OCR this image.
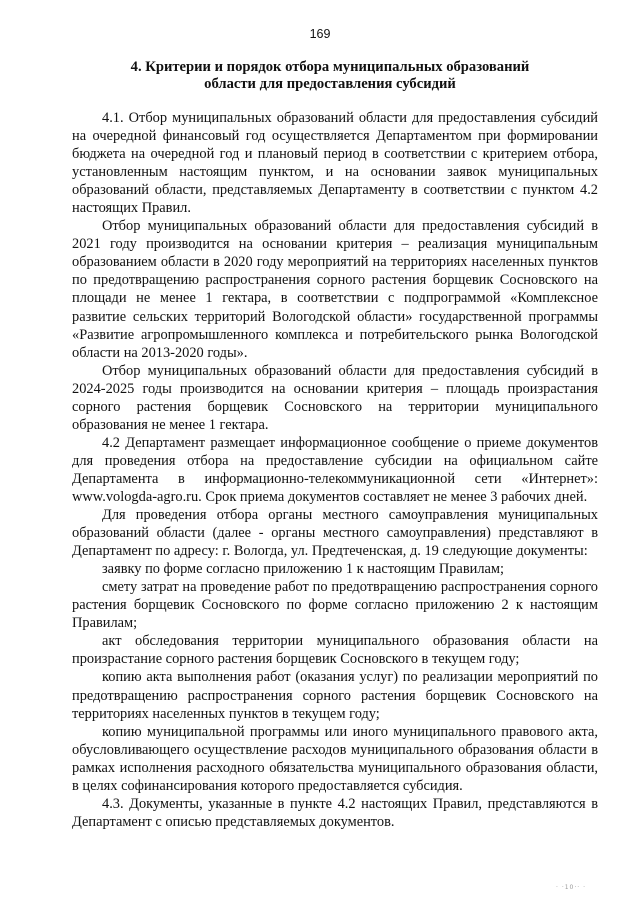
169
4. Критерии и порядок отбора муниципальных образований
области для предоставления субсидий

4.1. Отбор муниципальных образований области для предоставления субсидий на очередной финансовый год осуществляется Департаментом при формировании бюджета на очередной год и плановый период в соответствии с критерием отбора, установленным настоящим пунктом, и на основании заявок муниципальных образований области, представляемых Департаменту в соответствии с пунктом 4.2 настоящих Правил.

Отбор муниципальных образований области для предоставления субсидий в 2021 году производится на основании критерия – реализация муниципальным образованием области в 2020 году мероприятий на территориях населенных пунктов по предотвращению распространения сорного растения борщевик Сосновского на площади не менее 1 гектара, в соответствии с подпрограммой «Комплексное развитие сельских территорий Вологодской области» государственной программы «Развитие агропромышленного комплекса и потребительского рынка Вологодской области на 2013-2020 годы».

Отбор муниципальных образований области для предоставления субсидий в 2024-2025 годы производится на основании критерия – площадь произрастания сорного растения борщевик Сосновского на территории муниципального образования не менее 1 гектара.

4.2 Департамент размещает информационное сообщение о приеме документов для проведения отбора на предоставление субсидии на официальном сайте Департамента в информационно-телекоммуникационной сети «Интернет»: www.vologda-agro.ru. Срок приема документов составляет не менее 3 рабочих дней.

Для проведения отбора органы местного самоуправления муниципальных образований области (далее - органы местного самоуправления) представляют в Департамент по адресу: г. Вологда, ул. Предтеченская, д. 19 следующие документы:

заявку по форме согласно приложению 1 к настоящим Правилам;

смету затрат на проведение работ по предотвращению распространения сорного растения борщевик Сосновского по форме согласно приложению 2 к настоящим Правилам;

акт обследования территории муниципального образования области на произрастание сорного растения борщевик Сосновского в текущем году;

копию акта выполнения работ (оказания услуг) по реализации мероприятий по предотвращению распространения сорного растения борщевик Сосновского на территориях населенных пунктов в текущем году;

копию муниципальной программы или иного муниципального правового акта, обусловливающего осуществление расходов муниципального образования области в рамках исполнения расходного обязательства муниципального образования области, в целях софинансирования которого предоставляется субсидия.

4.3. Документы, указанные в пункте 4.2 настоящих Правил, представляются в Департамент с описью представляемых документов.

· ·10·· ·
